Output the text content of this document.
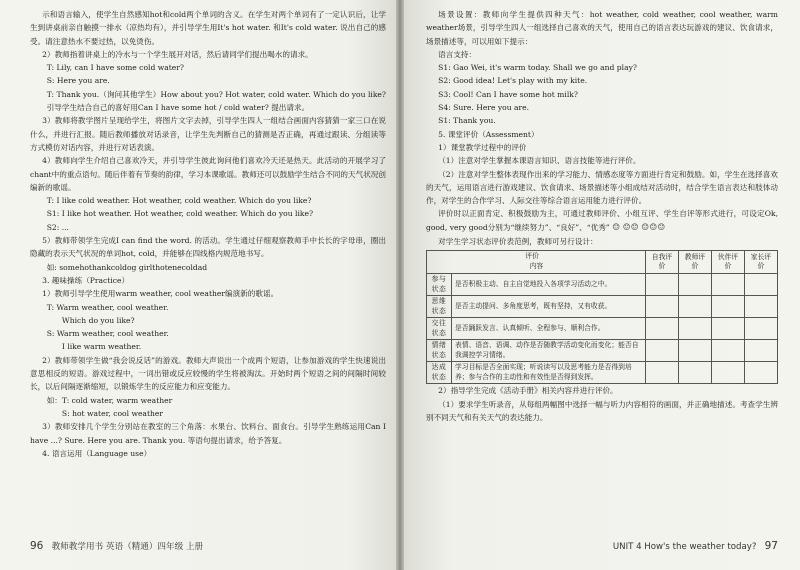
示和语言输入，使学生自然感知hot和cold两个单词的含义。在学生对两个单词有了一定认识后，让学生到讲桌前亲自触摸一排水（凉热均有），并引导学生用It's hot water. 和It's cold water. 说出自己的感受。请注意热水不要过热，以免烫伤。

2）教师指着讲桌上的冷水与一个学生展开对话，然后请同学们提出喝水的请求。

T: Lily, can I have some cold water?

S: Here you are.

T: Thank you.（询问其他学生）How about you? Hot water, cold water. Which do you like? 引导学生结合自己的喜好用Can I have some hot / cold water? 提出请求。

3）教师将教学图片呈现给学生，将图片文字去掉，引导学生四人一组结合画面内容猜猜一家三口在说什么，并进行汇报。随后教师播放对话录音，让学生先判断自己的猜测是否正确，再通过跟读、分组读等方式模仿对话内容，并进行对话表演。

4）教师向学生介绍自己喜欢冷天，并引导学生彼此询问他们喜欢冷天还是热天。此活动的开展学习了chant中的重点语句。随后伴着有节奏的韵律，学习本课歌谣。教师还可以鼓励学生结合不同的天气状况创编新的歌谣。

T: I like cold weather. Hot weather, cold weather. Which do you like?

S1: I like hot weather. Hot weather, cold weather. Which do you like?

S2: ...

5）教师带领学生完成I can find the word. 的活动。学生通过仔细观察教师手中长长的字母串，圈出隐藏的表示天气状况的单词hot, cold，并能够在四线格内规范地书写。

如: somehothankcoldog girlthotenecoldad

3. 趣味操练（Practice）

1）教师引导学生使用warm weather, cool weather编演新的歌谣。

T: Warm weather, cool weather.

Which do you like?

S: Warm weather, cool weather.

I like warm weather.

2）教师带领学生做“我会说反话”的游戏。教师大声说出一个成两个短语，让参加游戏的学生快速说出意思相反的短语。游戏过程中，一词出错或反应较慢的学生将被淘汰。开始时两个短语之间的间隔时间较长，以后间隔逐渐缩短，以锻炼学生的反应能力和应变能力。

如：T: cold water, warm weather

S: hot water, cool weather

3）教师安排几个学生分别站在教室的三个角落：水果台、饮料台、面食台。引导学生熟练运用Can I have ...? Sure. Here you are. Thank you. 等语句提出请求，给予答复。

4. 语言运用（Language use）

96 教师教学用书 英语（精通）四年级 上册

场景设置：教师向学生提供四种天气：hot weather, cold weather, cool weather, warm weather场景，引导学生四人一组选择自己喜欢的天气，使用自己的语言表达玩游戏的建议、饮食请求，场景描述等，可以用如下提示：

语言支持：

S1: Gao Wei, it's warm today. Shall we go and play?

S2: Good idea! Let's play with my kite.

S3: Cool! Can I have some hot milk?

S4: Sure. Here you are.

S1: Thank you.

5. 课堂评价（Assessment）

1）课堂教学过程中的评价

（1）注意对学生掌握本课语言知识、语言技能等进行评价。

（2）注意对学生整体表现作出来的学习能力、情感态度等方面进行肯定和鼓励。如，学生在选择喜欢的天气，运用语言进行游戏建议、饮食请求、场景描述等小组成结对活动时，结合学生语言表达和肢体动作，对学生的合作学习、人际交往等综合语言运用能力进行评价。

评价时以正面肯定、积极鼓励为主，可通过教师评价、小组互评、学生自评等形式进行，可设定Ok, good, very good分别为“继续努力”、“良好”、“优秀” ☺ ☺☺ ☺☺☺

对学生学习状态评价表范例，教师可另行设计：

评价
内容		自我评价	教师评价	伙伴评价	家长评价
参与状态	是否积极主动、自主自觉地投入各项学习活动之中。				
思维状态	是否主动提问、多角度思考，既有坚持，又有收获。				
交往状态	是否踊跃发言、认真倾听、全程参与、顺利合作。				
情绪状态	表情、语音、语调、动作是否随教学活动变化而变化；能否自我调控学习情绪。				
达成状态	学习目标是否全面实现；听说读写以及思考能力是否得到培养；参与合作的主动性和有效性是否得到发挥。				

2）指导学生完成《活动手册》相关内容并进行评价。

（1）要求学生听录音，从每组两幅图中选择一幅与听力内容相符的画面，并正确地描述。考查学生辨别不同天气和有关天气的表达能力。

UNIT 4 How's the weather today? 97
